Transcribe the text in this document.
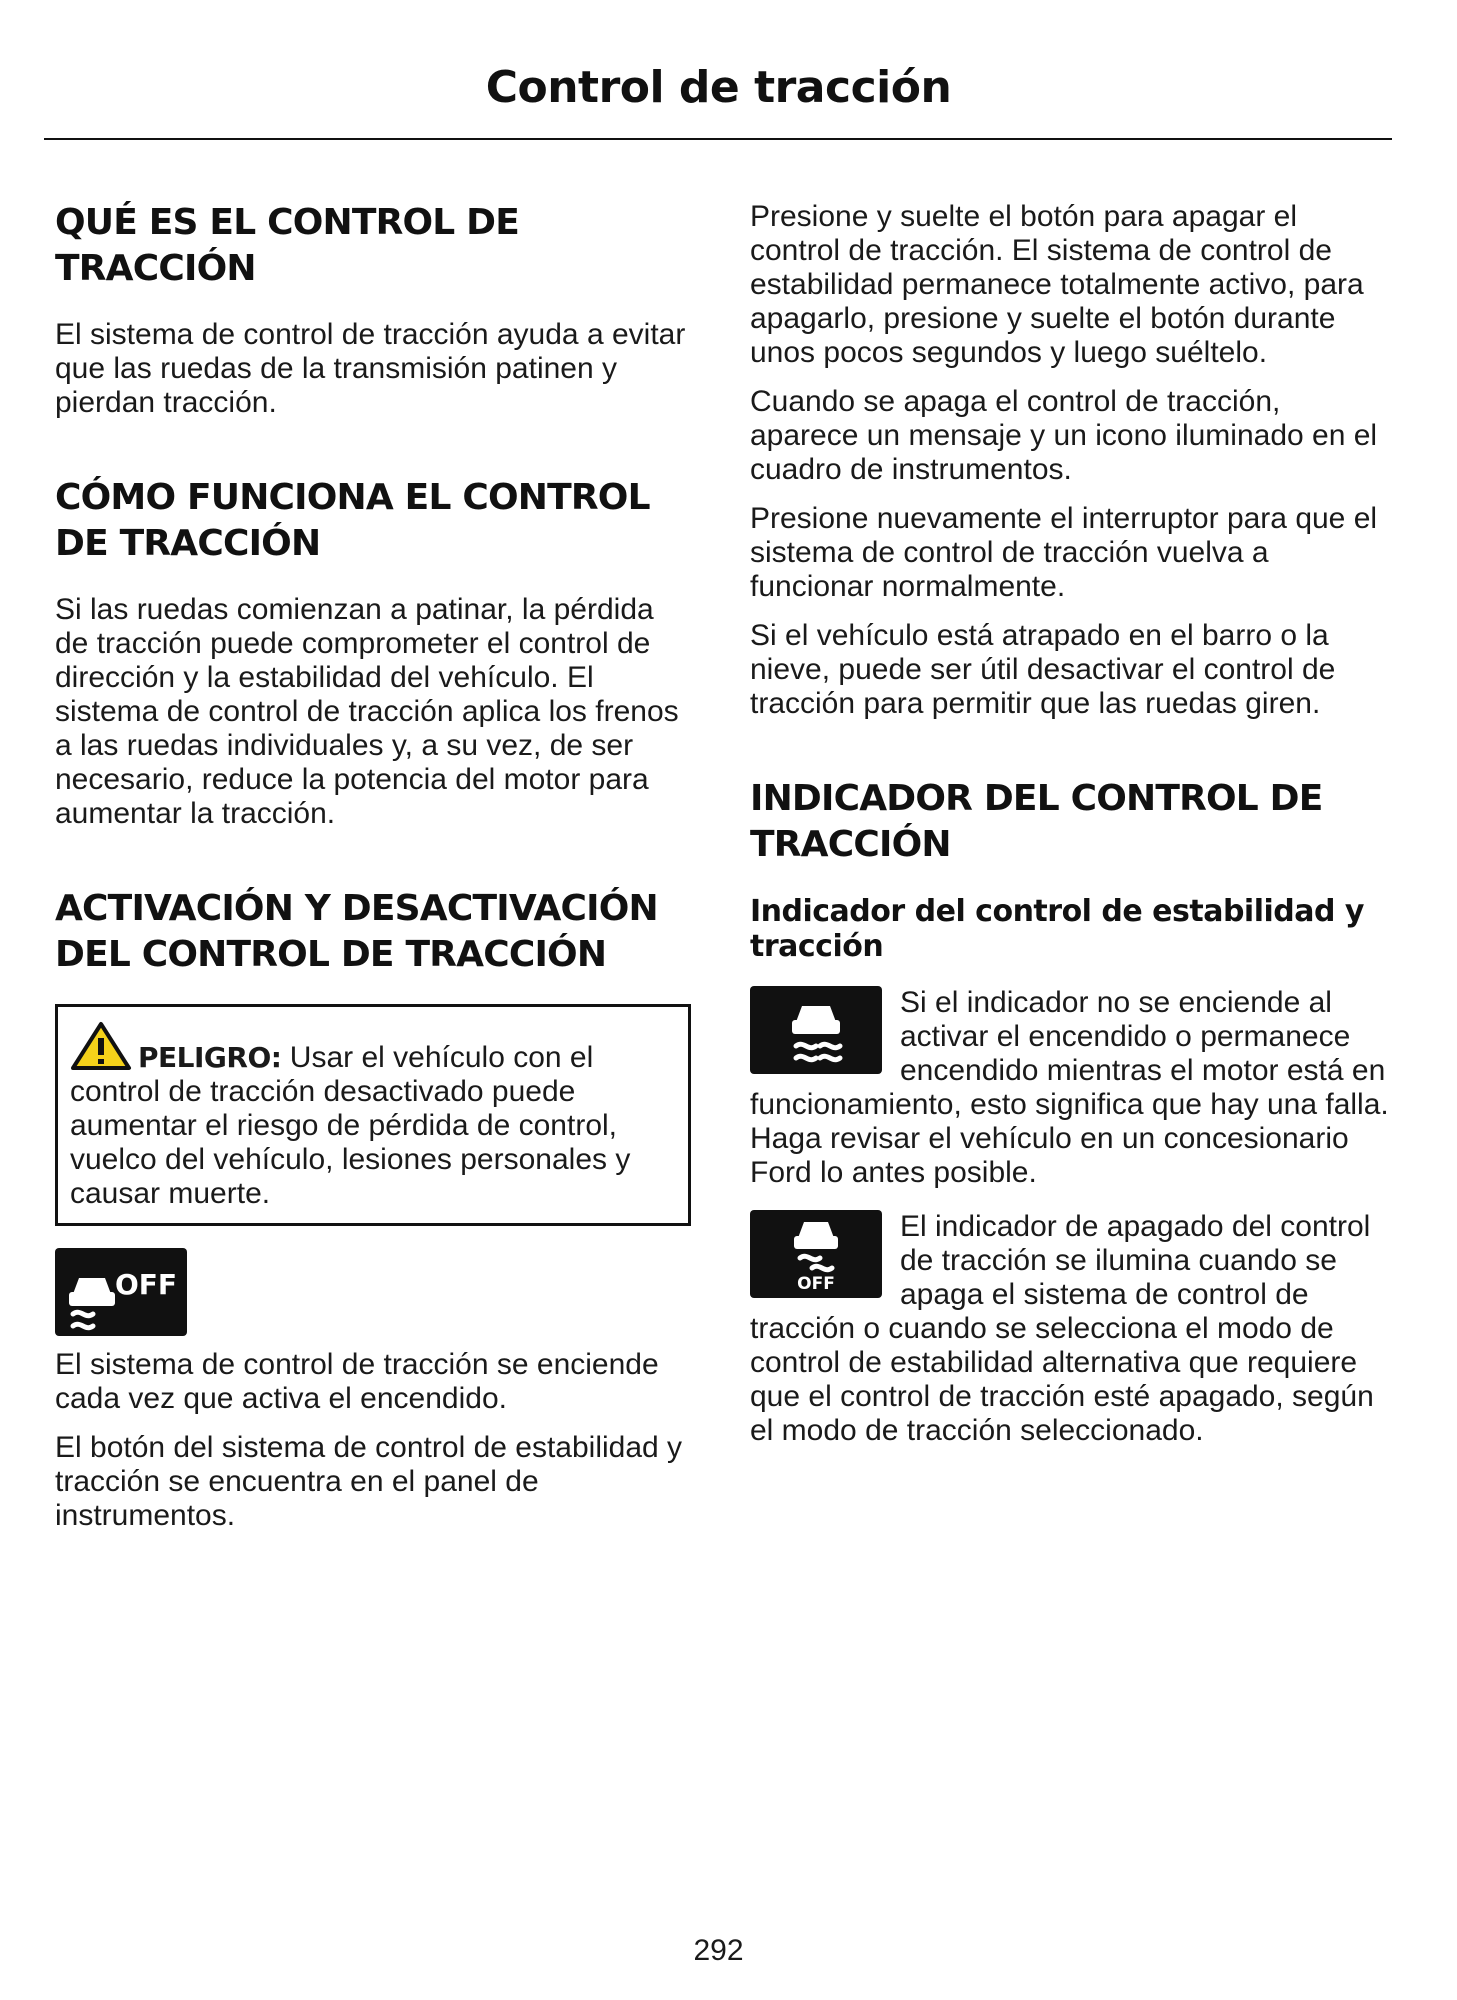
Control de tracción
QUÉ ES EL CONTROL DE TRACCIÓN

El sistema de control de tracción ayuda a evitar que las ruedas de la transmisión patinen y pierdan tracción.

CÓMO FUNCIONA EL CONTROL DE TRACCIÓN

Si las ruedas comienzan a patinar, la pérdida de tracción puede comprometer el control de dirección y la estabilidad del vehículo. El sistema de control de tracción aplica los frenos a las ruedas individuales y, a su vez, de ser necesario, reduce la potencia del motor para aumentar la tracción.

ACTIVACIÓN Y DESACTIVACIÓN DEL CONTROL DE TRACCIÓN

PELIGRO: Usar el vehículo con el control de tracción desactivado puede aumentar el riesgo de pérdida de control, vuelco del vehículo, lesiones personales y causar muerte.

OFF

El sistema de control de tracción se enciende cada vez que activa el encendido.

El botón del sistema de control de estabilidad y tracción se encuentra en el panel de instrumentos.

Presione y suelte el botón para apagar el control de tracción. El sistema de control de estabilidad permanece totalmente activo, para apagarlo, presione y suelte el botón durante unos pocos segundos y luego suéltelo.

Cuando se apaga el control de tracción, aparece un mensaje y un icono iluminado en el cuadro de instrumentos.

Presione nuevamente el interruptor para que el sistema de control de tracción vuelva a funcionar normalmente.

Si el vehículo está atrapado en el barro o la nieve, puede ser útil desactivar el control de tracción para permitir que las ruedas giren.

INDICADOR DEL CONTROL DE TRACCIÓN
Indicador del control de estabilidad y tracción

Si el indicador no se enciende al activar el encendido o permanece encendido mientras el motor está en funcionamiento, esto significa que hay una falla. Haga revisar el vehículo en un concesionario Ford lo antes posible.

OFF

El indicador de apagado del control de tracción se ilumina cuando se apaga el sistema de control de tracción o cuando se selecciona el modo de control de estabilidad alternativa que requiere que el control de tracción esté apagado, según el modo de tracción seleccionado.

292
